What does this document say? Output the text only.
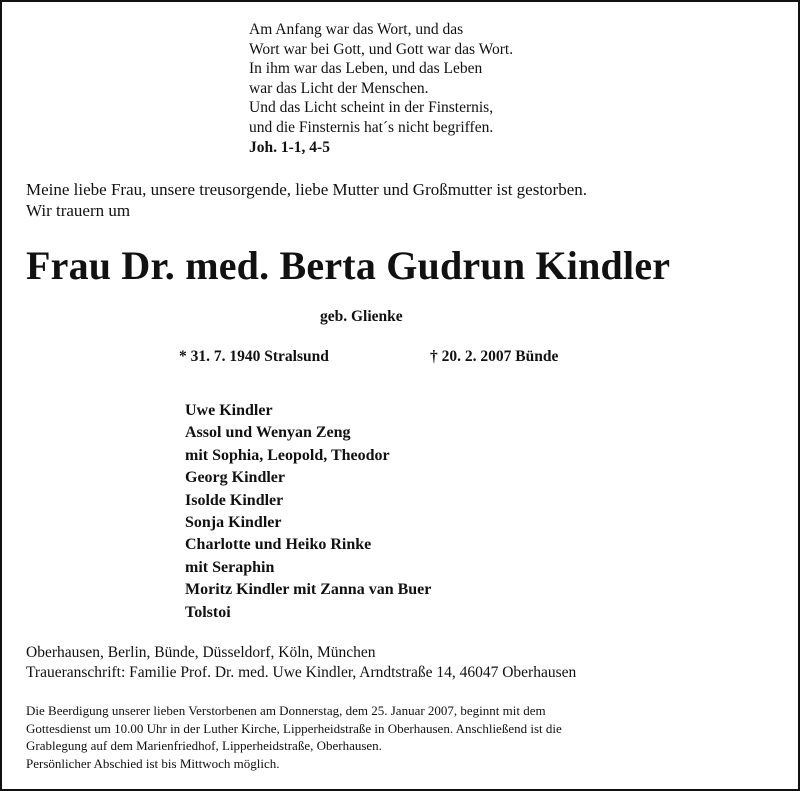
Am Anfang war das Wort, und das
Wort war bei Gott, und Gott war das Wort.
In ihm war das Leben, und das Leben
war das Licht der Menschen.
Und das Licht scheint in der Finsternis,
und die Finsternis hat´s nicht begriffen.
Joh. 1-1, 4-5
Meine liebe Frau, unsere treusorgende, liebe Mutter und Großmutter ist gestorben.
Wir trauern um
Frau Dr. med. Berta Gudrun Kindler
geb. Glienke
* 31. 7. 1940 Stralsund	† 20. 2. 2007 Bünde
Uwe Kindler
Assol und Wenyan Zeng
mit Sophia, Leopold, Theodor
Georg Kindler
Isolde Kindler
Sonja Kindler
Charlotte und Heiko Rinke
mit Seraphin
Moritz Kindler mit Zanna van Buer
Tolstoi
Oberhausen, Berlin, Bünde, Düsseldorf, Köln, München
Traueranschrift: Familie Prof. Dr. med. Uwe Kindler, Arndtstraße 14, 46047 Oberhausen
Die Beerdigung unserer lieben Verstorbenen am Donnerstag, dem 25. Januar 2007, beginnt mit dem
Gottesdienst um 10.00 Uhr in der Luther Kirche, Lipperheidstraße in Oberhausen. Anschließend ist die
Grablegung auf dem Marienfriedhof, Lipperheidstraße, Oberhausen.
Persönlicher Abschied ist bis Mittwoch möglich.
